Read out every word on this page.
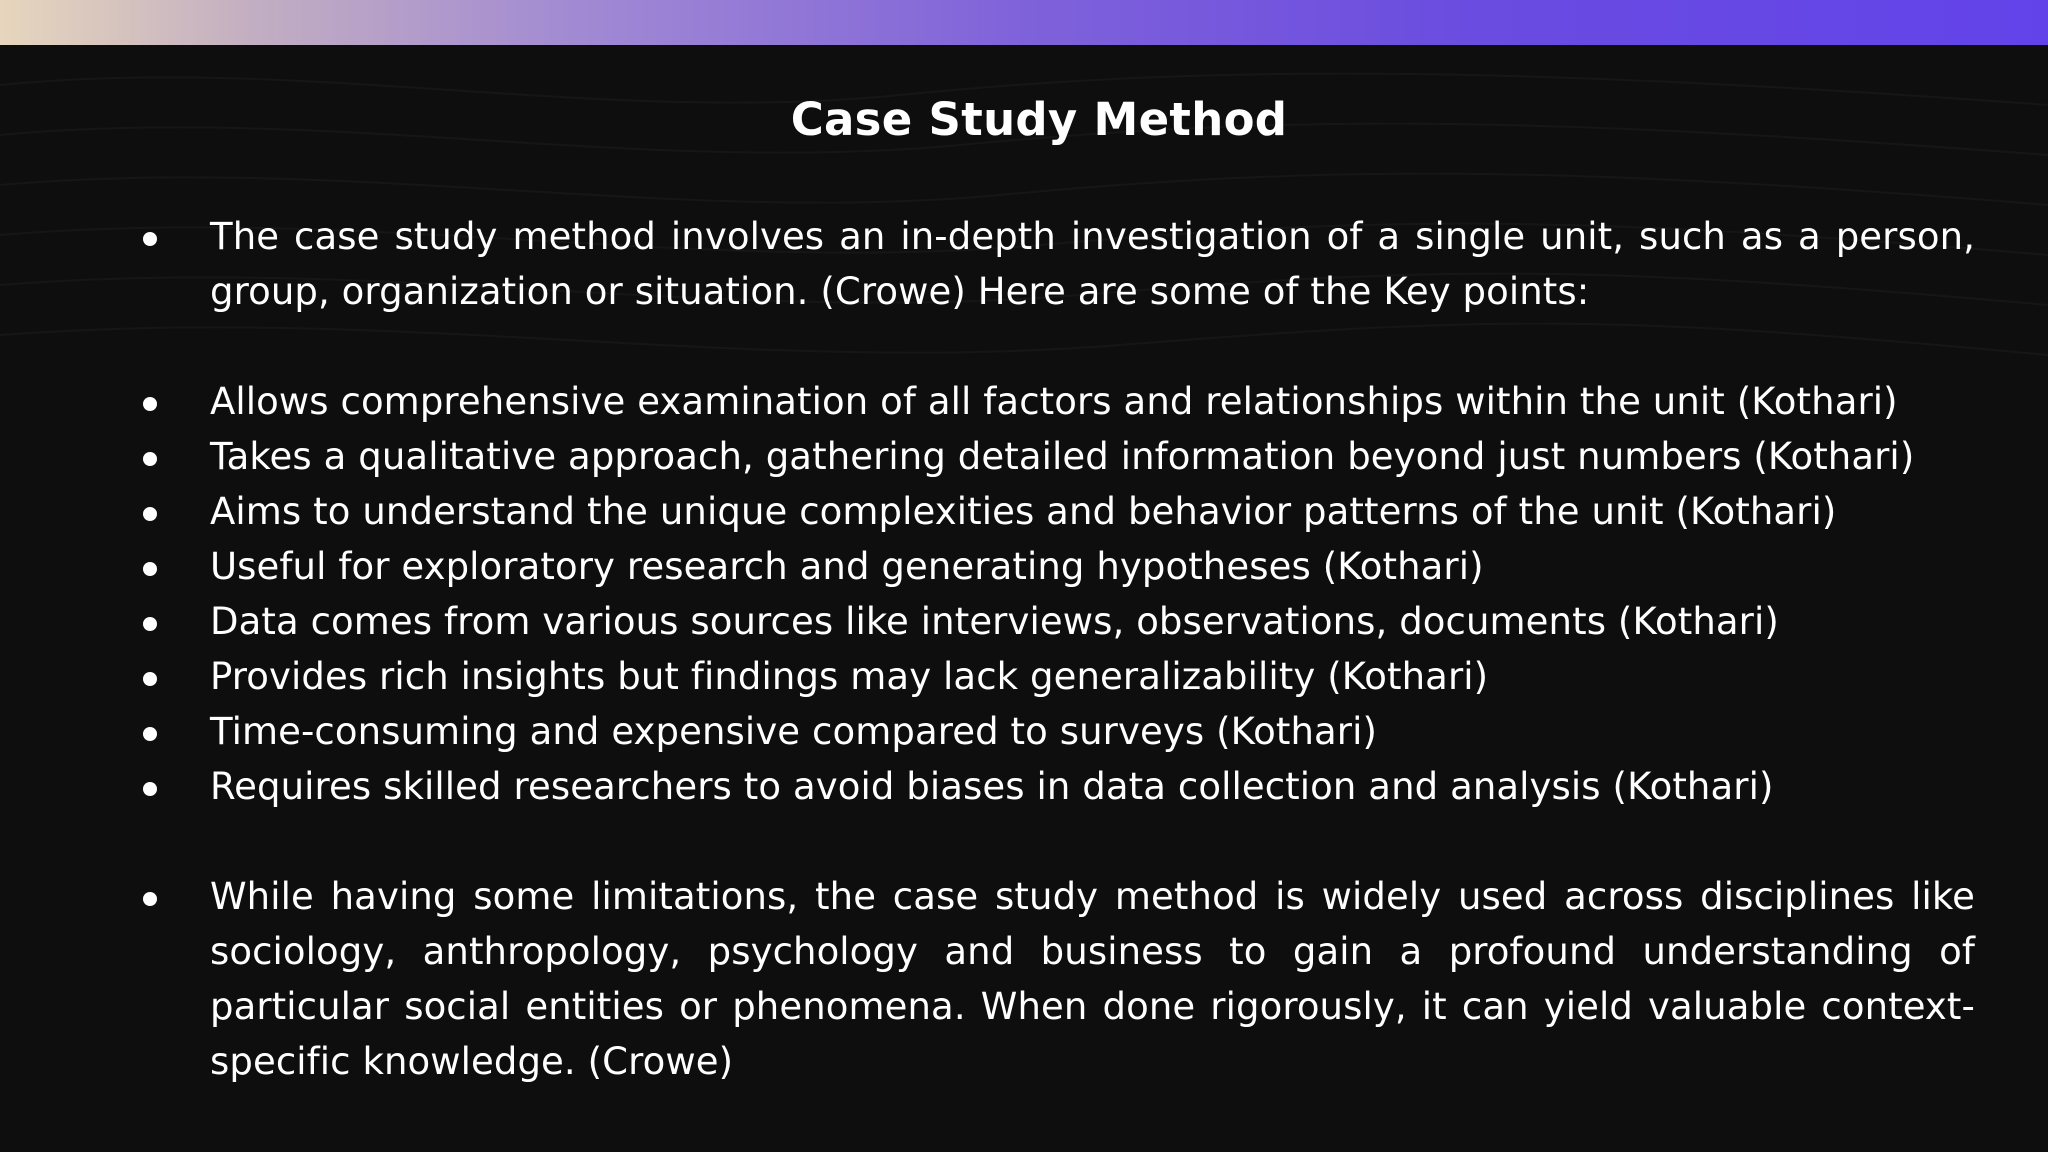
Case Study Method
The case study method involves an in-depth investigation of a single unit, such as a person, group, organization or situation. (Crowe) Here are some of the Key points:
Allows comprehensive examination of all factors and relationships within the unit (Kothari)
Takes a qualitative approach, gathering detailed information beyond just numbers (Kothari)
Aims to understand the unique complexities and behavior patterns of the unit (Kothari)
Useful for exploratory research and generating hypotheses (Kothari)
Data comes from various sources like interviews, observations, documents (Kothari)
Provides rich insights but findings may lack generalizability (Kothari)
Time-consuming and expensive compared to surveys (Kothari)
Requires skilled researchers to avoid biases in data collection and analysis (Kothari)
While having some limitations, the case study method is widely used across disciplines like sociology, anthropology, psychology and business to gain a profound understanding of particular social entities or phenomena. When done rigorously, it can yield valuable context-specific knowledge. (Crowe)
